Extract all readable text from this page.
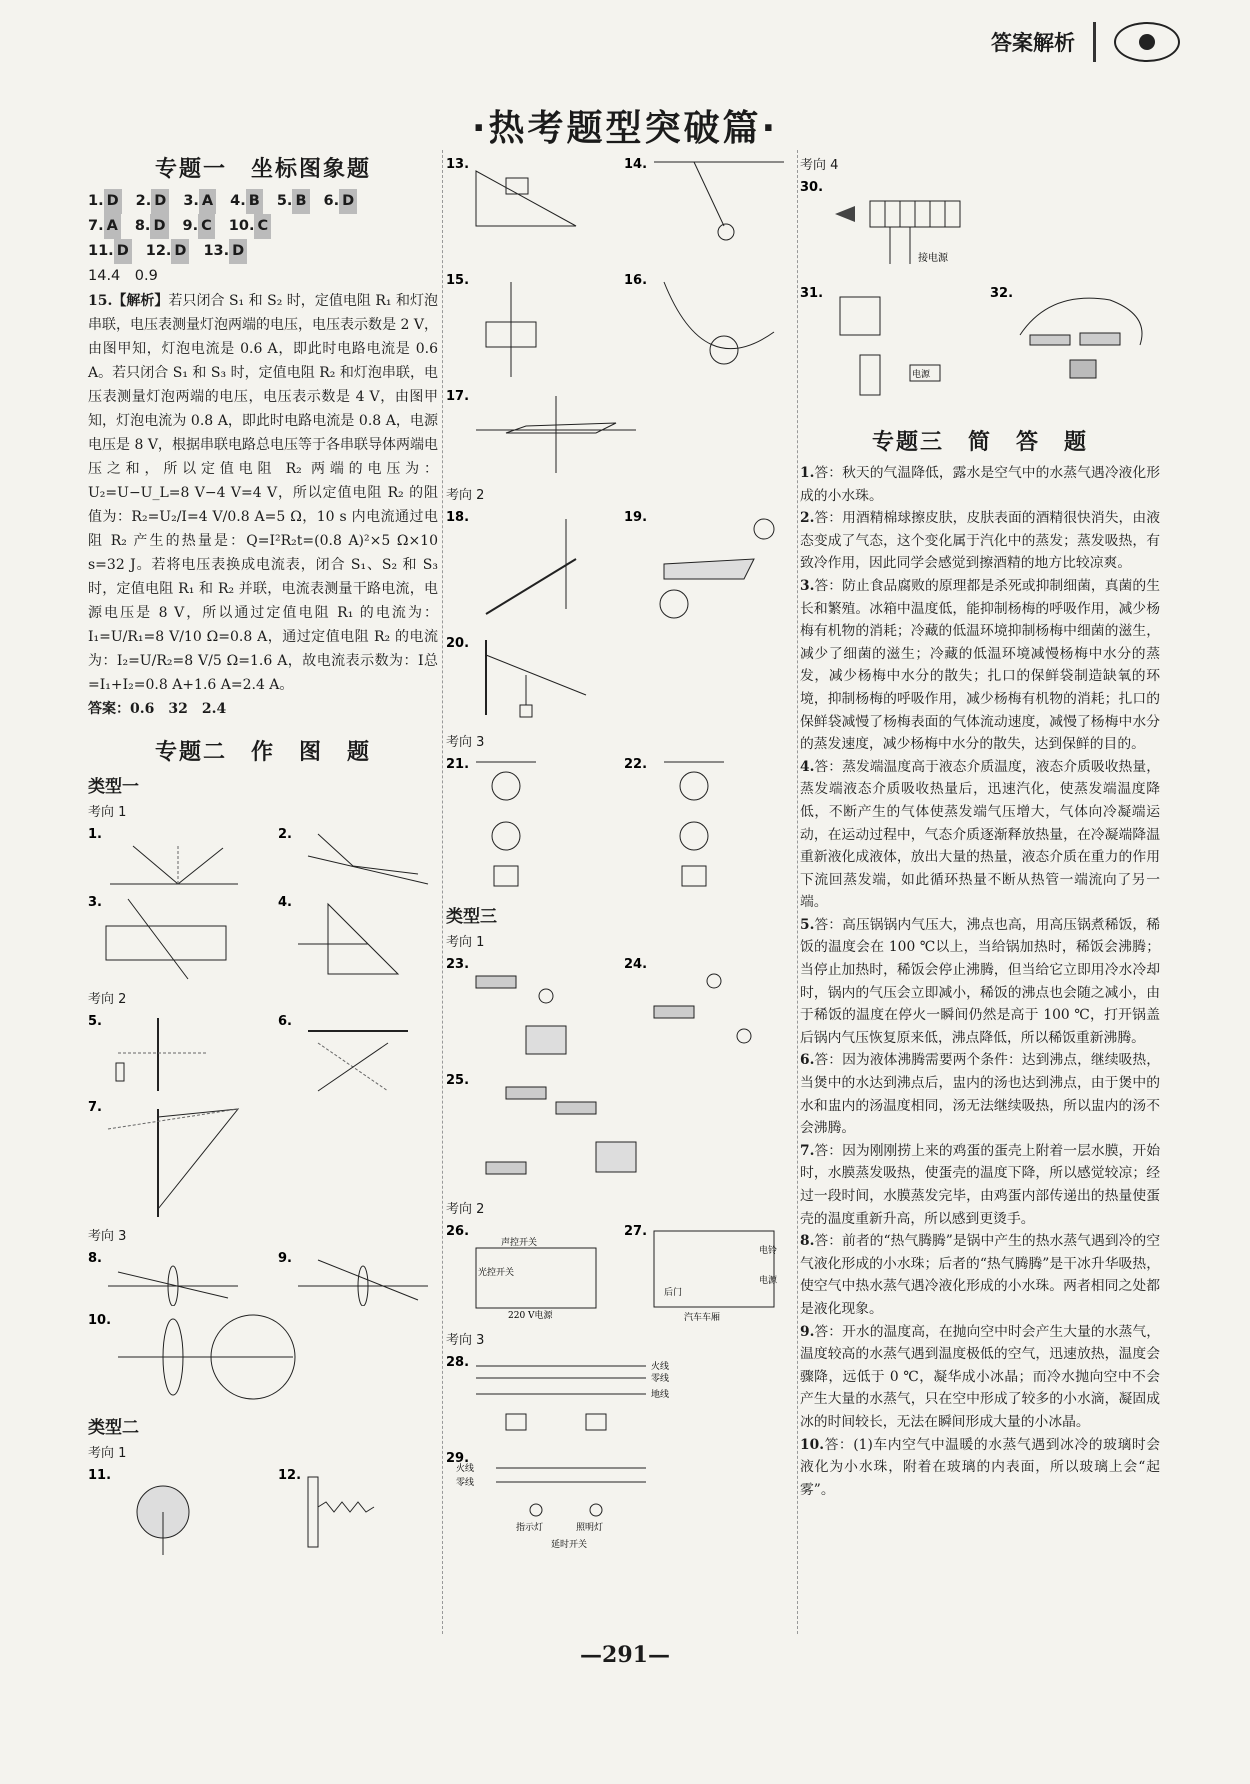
答案解析
·热考题型突破篇·
专题一　坐标图象题
1. D 2. D 3. A 4. B 5. B 6. D
7. A 8. D 9. C 10. C
11. D 12. D 13. D
14.4　0.9

15.【解析】若只闭合 S₁ 和 S₂ 时，定值电阻 R₁ 和灯泡串联，电压表测量灯泡两端的电压，电压表示数是 2 V，由图甲知，灯泡电流是 0.6 A，即此时电路电流是 0.6 A。若只闭合 S₁ 和 S₃ 时，定值电阻 R₂ 和灯泡串联，电压表测量灯泡两端的电压，电压表示数是 4 V，由图甲知，灯泡电流为 0.8 A，即此时电路电流是 0.8 A，电源电压是 8 V，根据串联电路总电压等于各串联导体两端电压之和，所以定值电阻 R₂ 两端的电压为：U₂=U−U_L=8 V−4 V=4 V，所以定值电阻 R₂ 的阻值为：R₂=U₂/I=4 V/0.8 A=5 Ω，10 s 内电流通过电阻 R₂ 产生的热量是：Q=I²R₂t=(0.8 A)²×5 Ω×10 s=32 J。若将电压表换成电流表，闭合 S₁、S₂ 和 S₃ 时，定值电阻 R₁ 和 R₂ 并联，电流表测量干路电流，电源电压是 8 V，所以通过定值电阻 R₁ 的电流为：I₁=U/R₁=8 V/10 Ω=0.8 A，通过定值电阻 R₂ 的电流为：I₂=U/R₂=8 V/5 Ω=1.6 A，故电流表示数为：I总=I₁+I₂=0.8 A+1.6 A=2.4 A。

答案：0.6　32　2.4

专题二　作　图　题
类型一
考向 1
1.	2.
3.	4.
考向 2
5.	6.
7.
考向 3
8.	9.
10.
类型二
考向 1
11.	12.
13.	14.
15.	16.
17.
考向 2
18.	19.
20.
考向 3
21.	22.
类型三
考向 1
23.	24.
25.
考向 2
26.
声控开关
光控开关
220 V电源
27.
电铃
电源
后门
汽车车厢
考向 3
28.	火线
零线
地线
29.
火线
零线
指示灯	照明灯
延时开关
考向 4
30.
接电源
31.
电源
32.
专题三　简　答　题

1.答：秋天的气温降低，露水是空气中的水蒸气遇冷液化形成的小水珠。

2.答：用酒精棉球擦皮肤，皮肤表面的酒精很快消失，由液态变成了气态，这个变化属于汽化中的蒸发；蒸发吸热，有致冷作用，因此同学会感觉到擦酒精的地方比较凉爽。

3.答：防止食品腐败的原理都是杀死或抑制细菌，真菌的生长和繁殖。冰箱中温度低，能抑制杨梅的呼吸作用，减少杨梅有机物的消耗；冷藏的低温环境抑制杨梅中细菌的滋生，减少了细菌的滋生；冷藏的低温环境减慢杨梅中水分的蒸发，减少杨梅中水分的散失；扎口的保鲜袋制造缺氧的环境，抑制杨梅的呼吸作用，减少杨梅有机物的消耗；扎口的保鲜袋减慢了杨梅表面的气体流动速度，减慢了杨梅中水分的蒸发速度，减少杨梅中水分的散失，达到保鲜的目的。

4.答：蒸发端温度高于液态介质温度，液态介质吸收热量，蒸发端液态介质吸收热量后，迅速汽化，使蒸发端温度降低，不断产生的气体使蒸发端气压增大，气体向冷凝端运动，在运动过程中，气态介质逐渐释放热量，在冷凝端降温重新液化成液体，放出大量的热量，液态介质在重力的作用下流回蒸发端，如此循环热量不断从热管一端流向了另一端。

5.答：高压锅锅内气压大，沸点也高，用高压锅煮稀饭，稀饭的温度会在 100 ℃以上，当给锅加热时，稀饭会沸腾；当停止加热时，稀饭会停止沸腾，但当给它立即用冷水冷却时，锅内的气压会立即减小，稀饭的沸点也会随之减小，由于稀饭的温度在停火一瞬间仍然是高于 100 ℃，打开锅盖后锅内气压恢复原来低，沸点降低，所以稀饭重新沸腾。

6.答：因为液体沸腾需要两个条件：达到沸点，继续吸热，当煲中的水达到沸点后，盅内的汤也达到沸点，由于煲中的水和盅内的汤温度相同，汤无法继续吸热，所以盅内的汤不会沸腾。

7.答：因为刚刚捞上来的鸡蛋的蛋壳上附着一层水膜，开始时，水膜蒸发吸热，使蛋壳的温度下降，所以感觉较凉；经过一段时间，水膜蒸发完毕，由鸡蛋内部传递出的热量使蛋壳的温度重新升高，所以感到更烫手。

8.答：前者的“热气腾腾”是锅中产生的热水蒸气遇到冷的空气液化形成的小水珠；后者的“热气腾腾”是干冰升华吸热，使空气中热水蒸气遇冷液化形成的小水珠。两者相同之处都是液化现象。

9.答：开水的温度高，在抛向空中时会产生大量的水蒸气，温度较高的水蒸气遇到温度极低的空气，迅速放热，温度会骤降，远低于 0 ℃，凝华成小冰晶；而冷水抛向空中不会产生大量的水蒸气，只在空中形成了较多的小水滴，凝固成冰的时间较长，无法在瞬间形成大量的小冰晶。

10.答：(1)车内空气中温暖的水蒸气遇到冰冷的玻璃时会液化为小水珠，附着在玻璃的内表面，所以玻璃上会“起雾”。

—291—
